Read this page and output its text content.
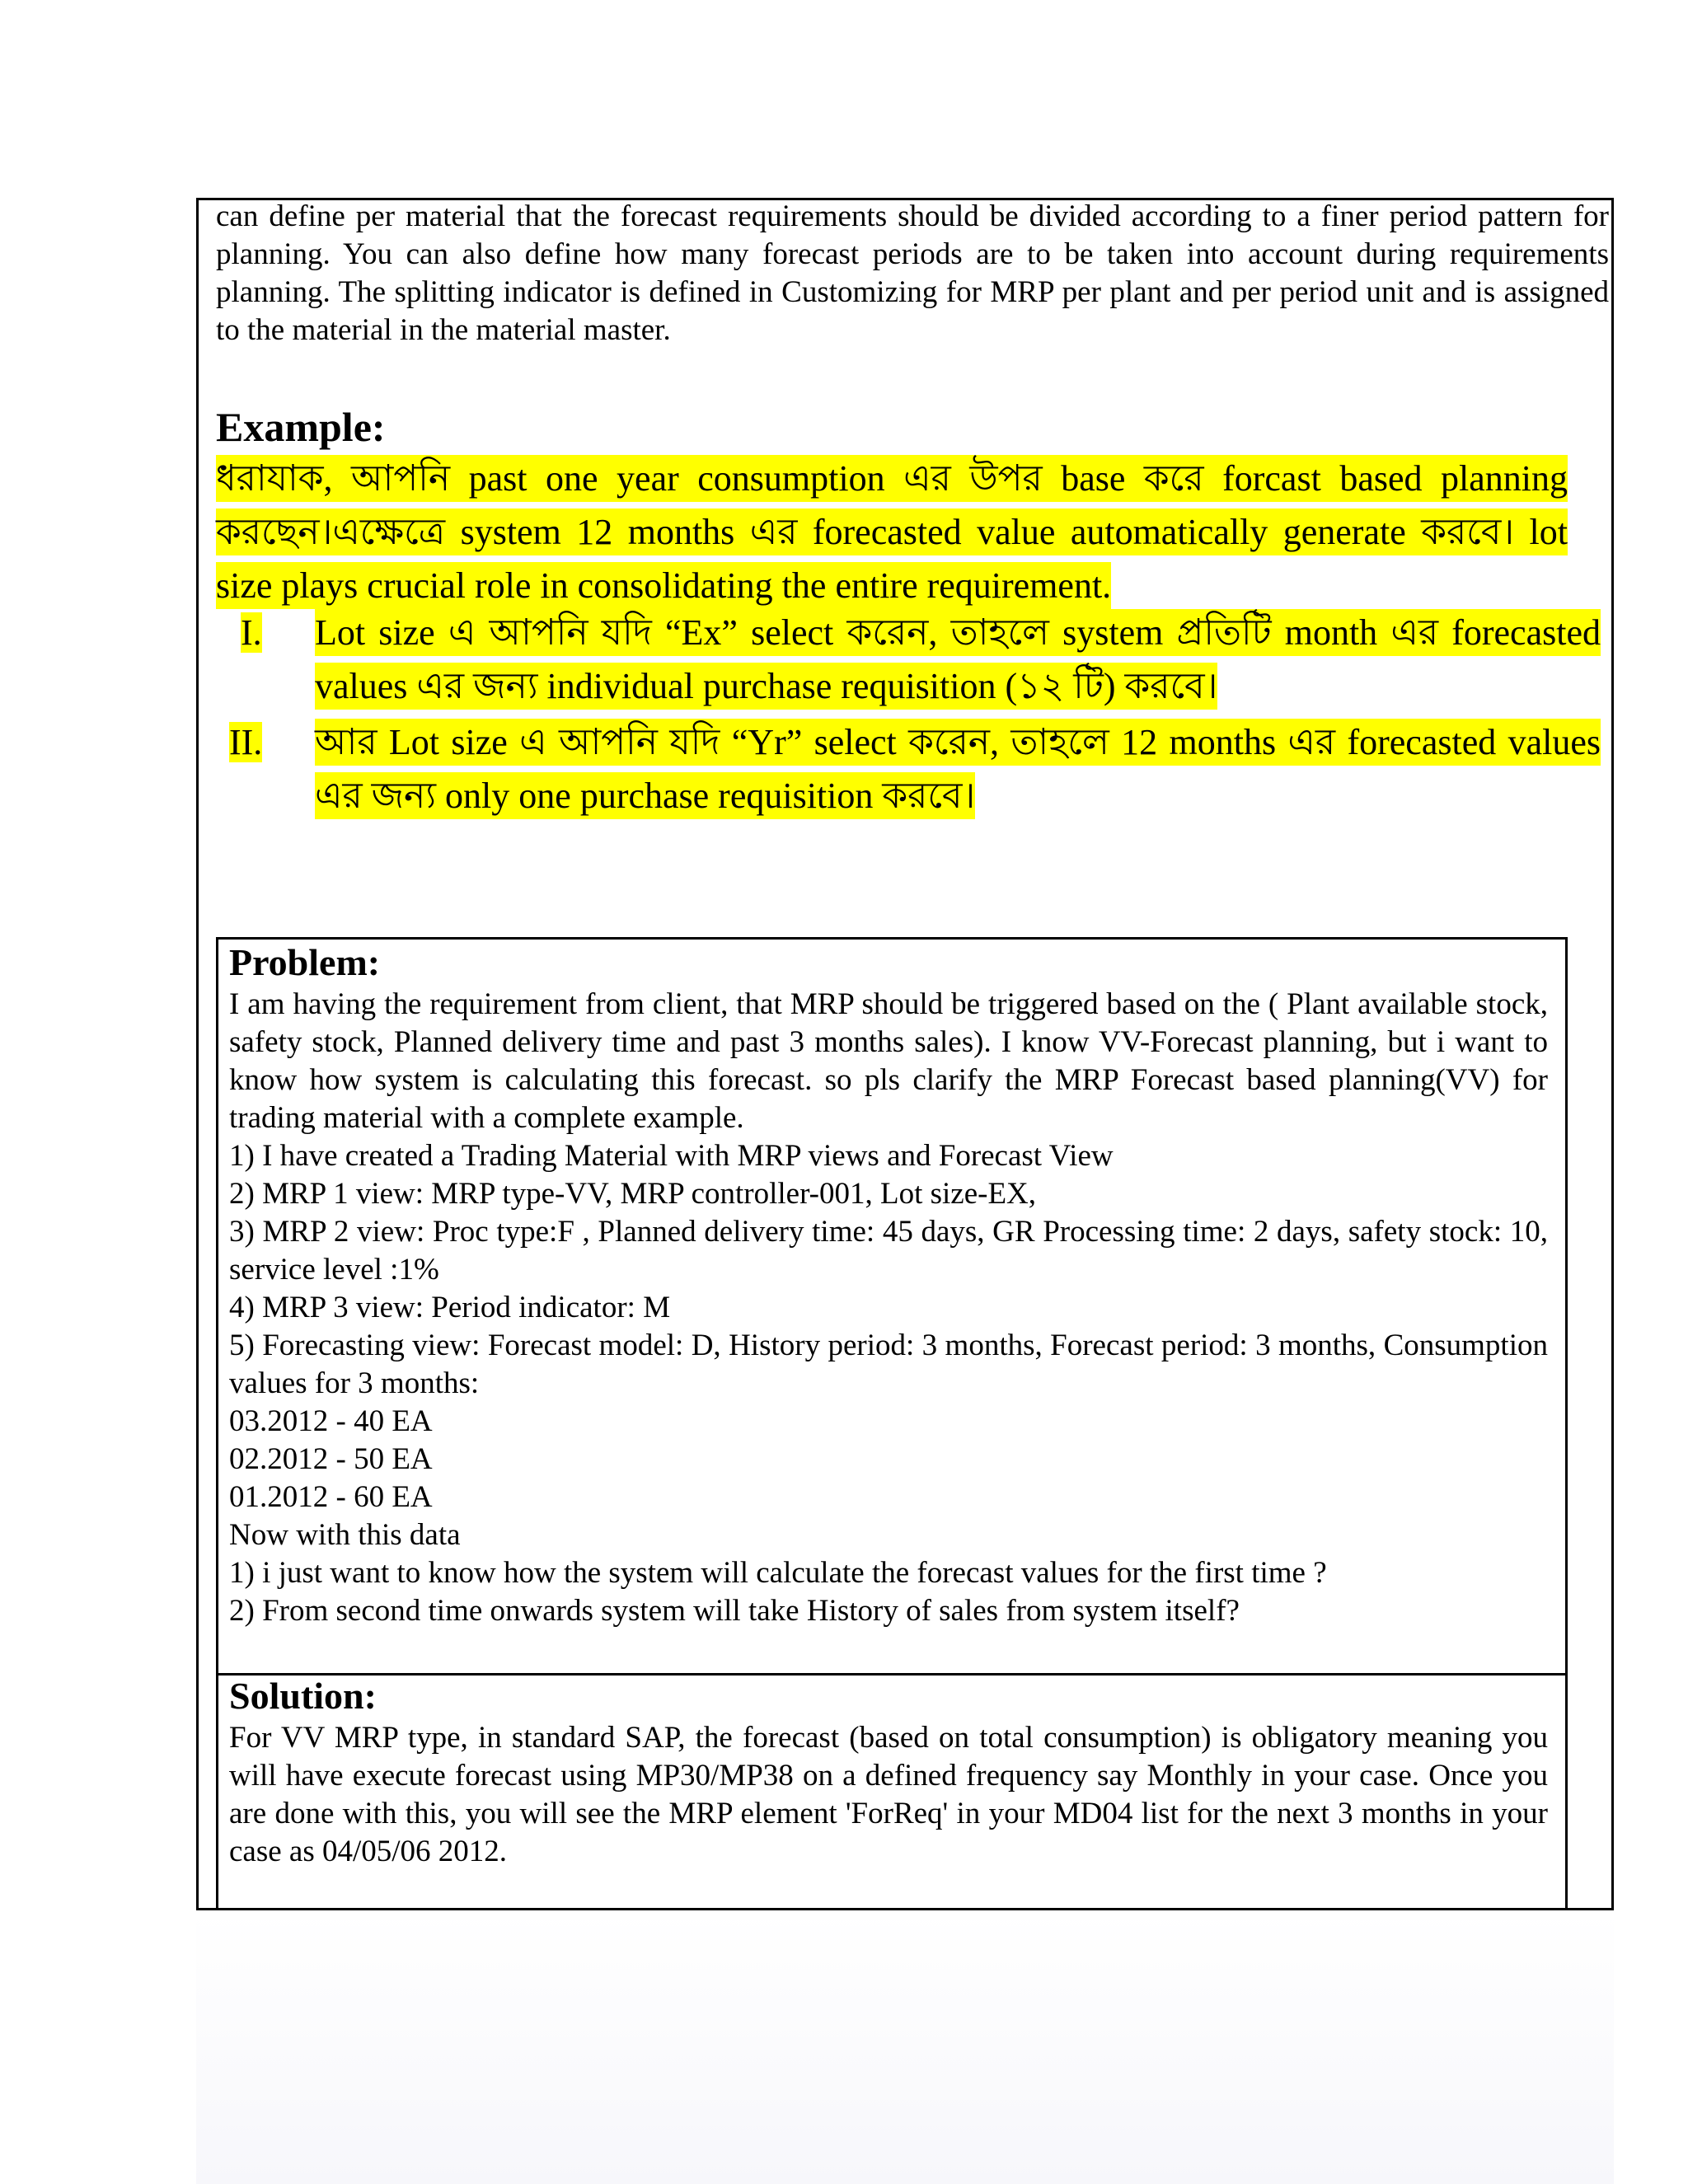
can define per material that the forecast requirements should be divided according to a finer period pattern for planning. You can also define how many forecast periods are to be taken into account during requirements planning. The splitting indicator is defined in Customizing for MRP per plant and per period unit and is assigned to the material in the material master.

Example:
ধরাযাক, আপনি past one year consumption এর উপর base করে forcast based planning করছেন।এক্ষেত্রে system 12 months এর forecasted value automatically generate করবে। lot size plays crucial role in consolidating the entire requirement.
I. Lot size এ আপনি যদি “Ex” select করেন, তাহলে system প্রতিটি month এর forecasted values এর জন্য individual purchase requisition (১২ টি) করবে।
II. আর Lot size এ আপনি যদি “Yr” select করেন, তাহলে 12 months এর forecasted values এর জন্য only one purchase requisition করবে।
Problem:
I am having the requirement from client, that MRP should be triggered based on the ( Plant available stock, safety stock, Planned delivery time and past 3 months sales). I know VV-Forecast planning, but i want to know how system is calculating this forecast. so pls clarify the MRP Forecast based planning(VV) for trading material with a complete example.
1) I have created a Trading Material with MRP views and Forecast View
2) MRP 1 view: MRP type-VV, MRP controller-001, Lot size-EX,
3) MRP 2 view: Proc type:F , Planned delivery time: 45 days, GR Processing time: 2 days, safety stock: 10, service level :1%
4) MRP 3 view: Period indicator: M
5) Forecasting view: Forecast model: D, History period: 3 months, Forecast period: 3 months, Consumption values for 3 months:
03.2012 - 40 EA
02.2012 - 50 EA
01.2012 - 60 EA
Now with this data
1) i just want to know how the system will calculate the forecast values for the first time ?
2) From second time onwards system will take History of sales from system itself?
Solution:
For VV MRP type, in standard SAP, the forecast (based on total consumption) is obligatory meaning you will have execute forecast using MP30/MP38 on a defined frequency say Monthly in your case. Once you are done with this, you will see the MRP element 'ForReq' in your MD04 list for the next 3 months in your case as 04/05/06 2012.
